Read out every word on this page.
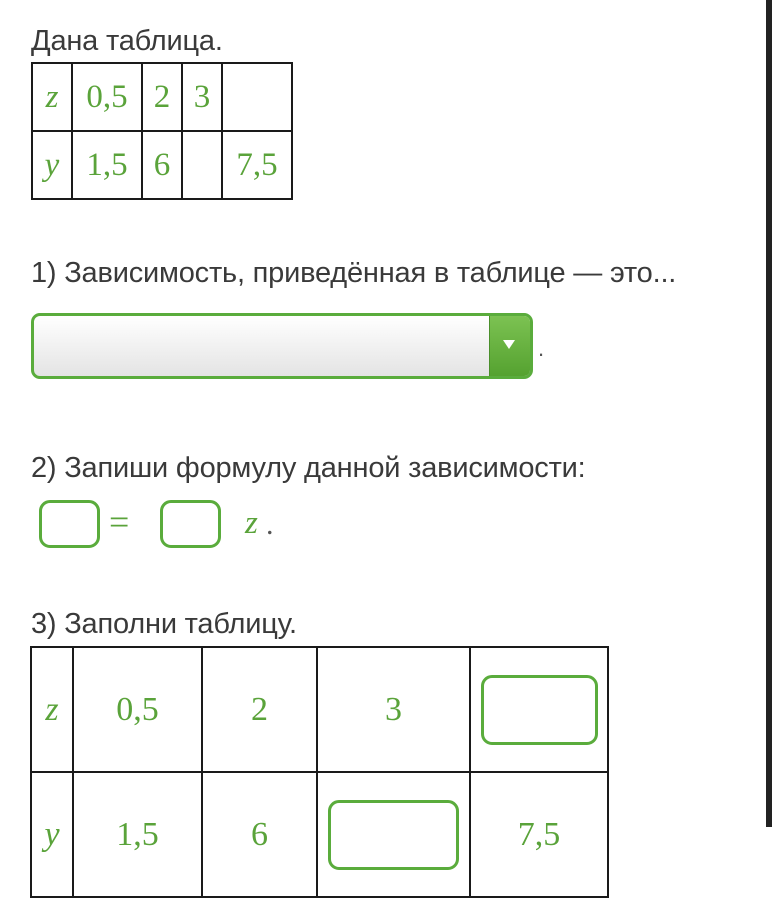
Дана таблица.
z	0,5	2	3	
y	1,5	6		7,5
1) Зависимость, приведённая в таблице — это...
.
2) Запиши формулу данной зависимости:
=	z .
3) Заполни таблицу.
z	0,5	2	3	
y	1,5	6		7,5
